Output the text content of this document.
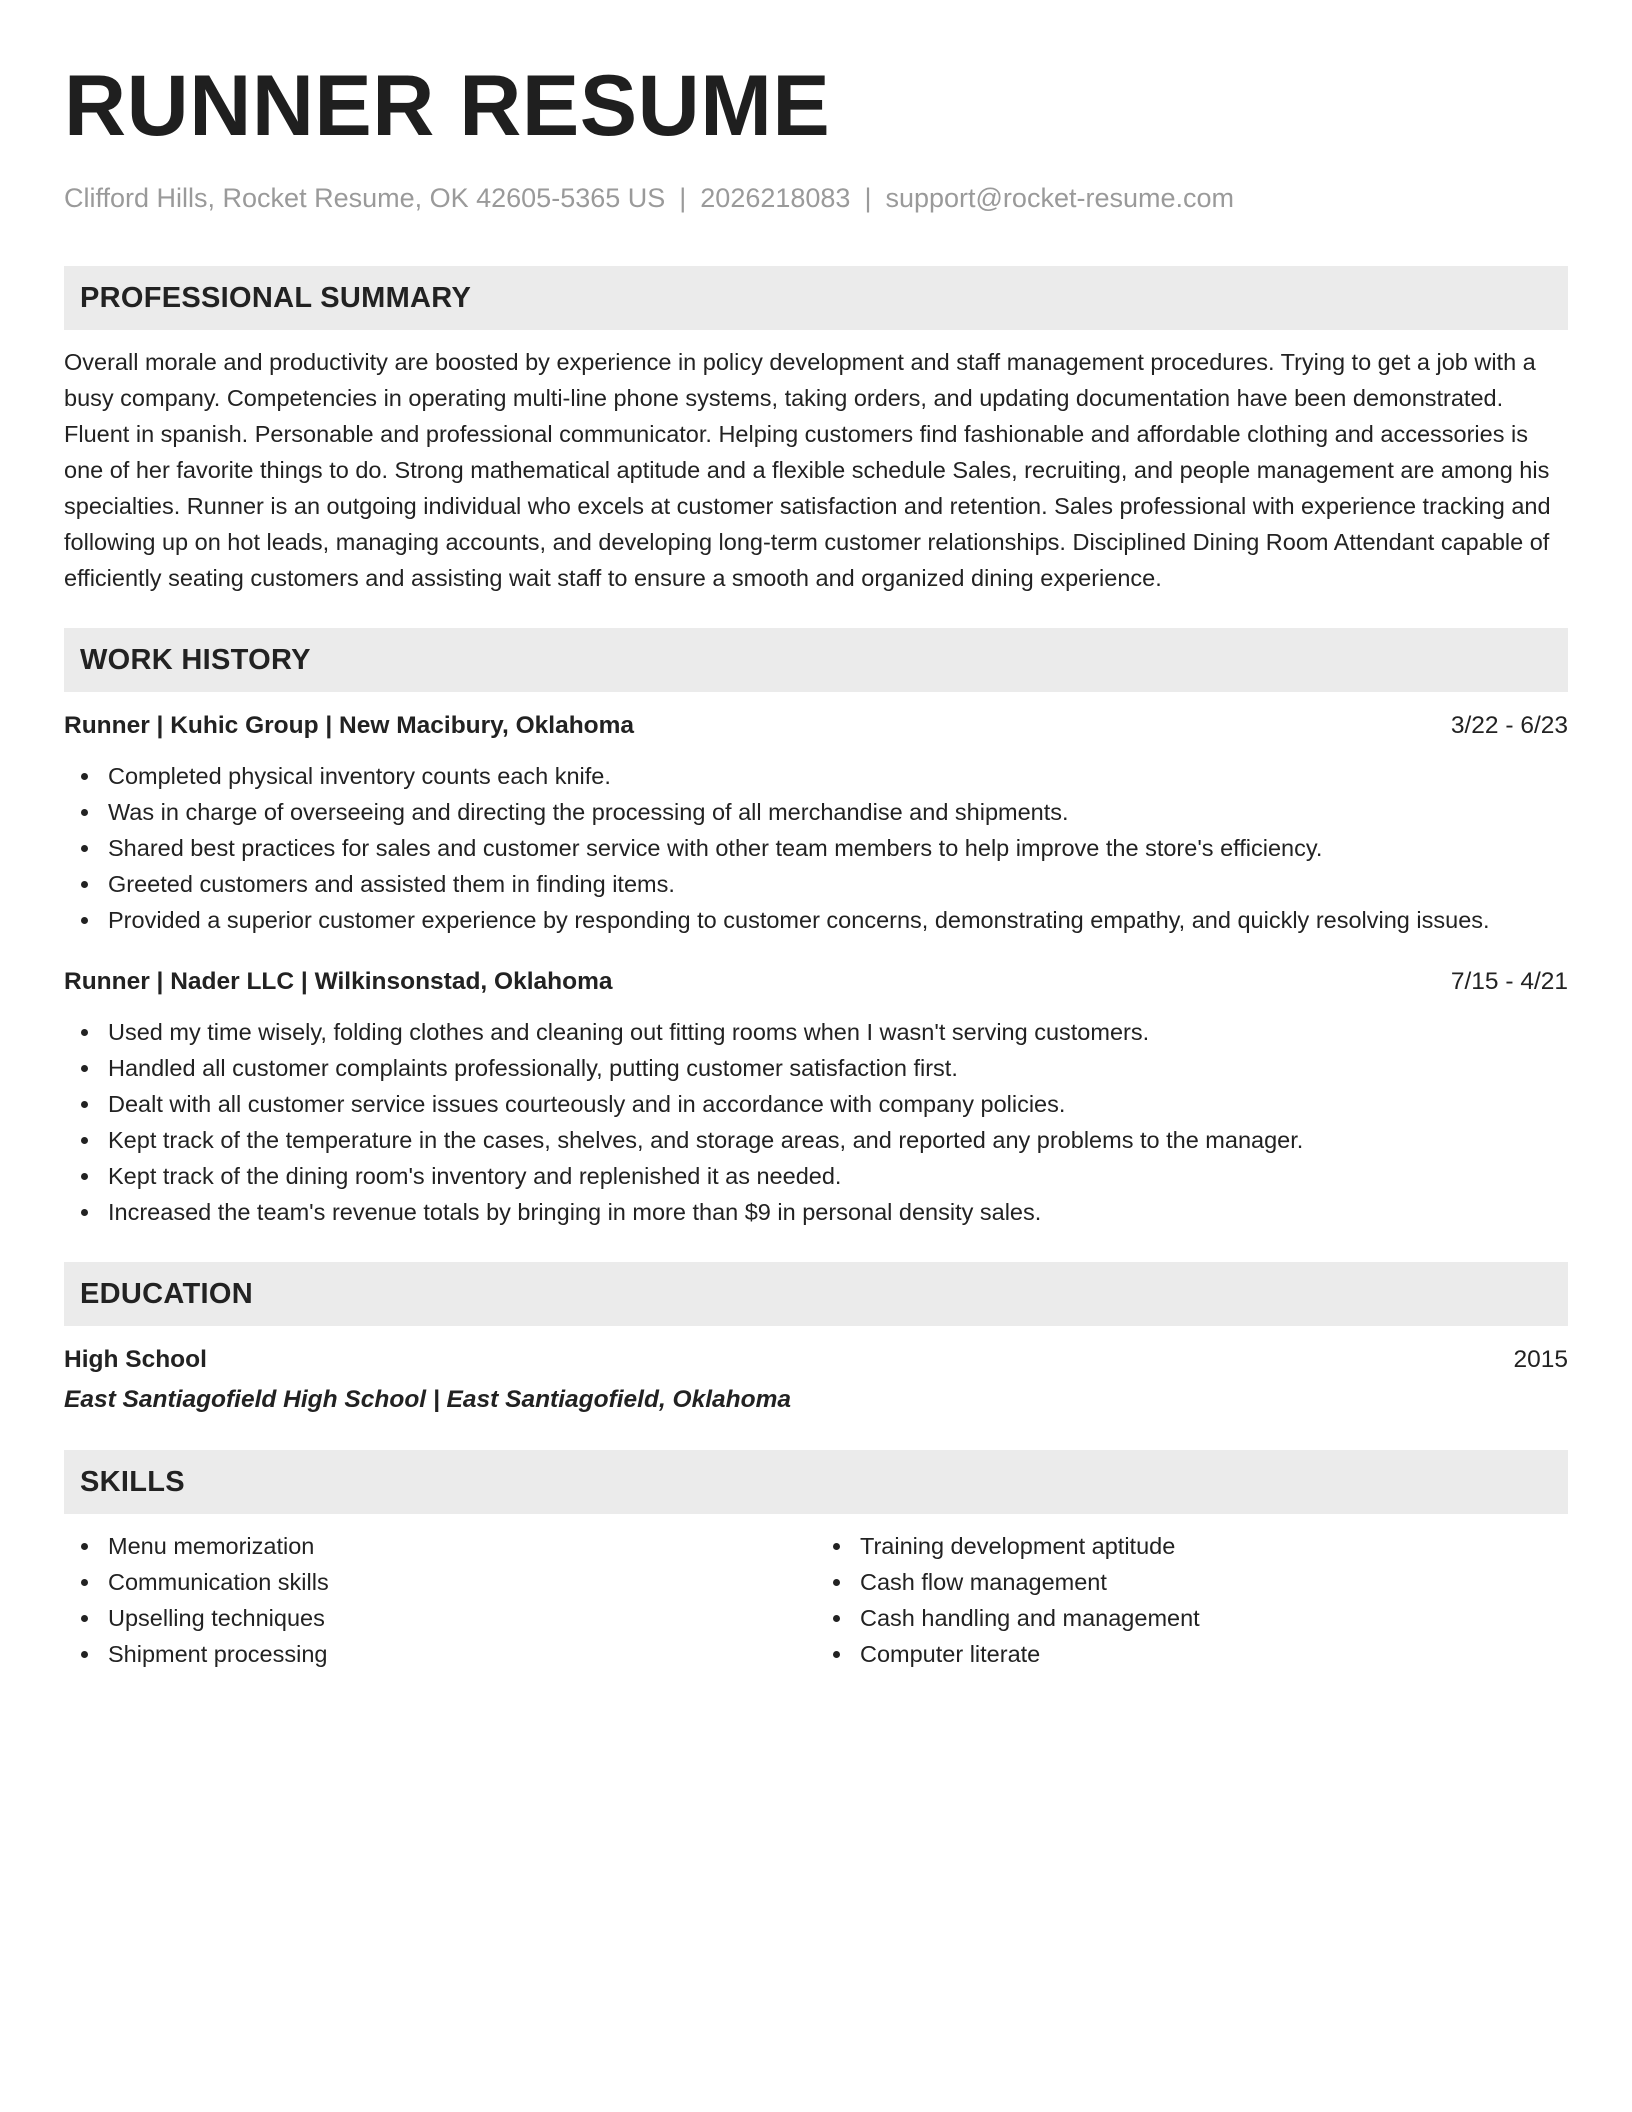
RUNNER RESUME
Clifford Hills, Rocket Resume, OK 42605-5365 US | 2026218083 | support@rocket-resume.com
PROFESSIONAL SUMMARY

Overall morale and productivity are boosted by experience in policy development and staff management procedures. Trying to get a job with a busy company. Competencies in operating multi-line phone systems, taking orders, and updating documentation have been demonstrated. Fluent in spanish. Personable and professional communicator. Helping customers find fashionable and affordable clothing and accessories is one of her favorite things to do. Strong mathematical aptitude and a flexible schedule Sales, recruiting, and people management are among his specialties. Runner is an outgoing individual who excels at customer satisfaction and retention. Sales professional with experience tracking and following up on hot leads, managing accounts, and developing long-term customer relationships. Disciplined Dining Room Attendant capable of efficiently seating customers and assisting wait staff to ensure a smooth and organized dining experience.

WORK HISTORY
Runner | Kuhic Group | New Macibury, Oklahoma	3/22 - 6/23
Completed physical inventory counts each knife.
Was in charge of overseeing and directing the processing of all merchandise and shipments.
Shared best practices for sales and customer service with other team members to help improve the store's efficiency.
Greeted customers and assisted them in finding items.
Provided a superior customer experience by responding to customer concerns, demonstrating empathy, and quickly resolving issues.
Runner | Nader LLC | Wilkinsonstad, Oklahoma	7/15 - 4/21
Used my time wisely, folding clothes and cleaning out fitting rooms when I wasn't serving customers.
Handled all customer complaints professionally, putting customer satisfaction first.
Dealt with all customer service issues courteously and in accordance with company policies.
Kept track of the temperature in the cases, shelves, and storage areas, and reported any problems to the manager.
Kept track of the dining room's inventory and replenished it as needed.
Increased the team's revenue totals by bringing in more than $9 in personal density sales.
EDUCATION
High School	2015
East Santiagofield High School | East Santiagofield, Oklahoma
SKILLS
Menu memorization
Communication skills
Upselling techniques
Shipment processing
Training development aptitude
Cash flow management
Cash handling and management
Computer literate
